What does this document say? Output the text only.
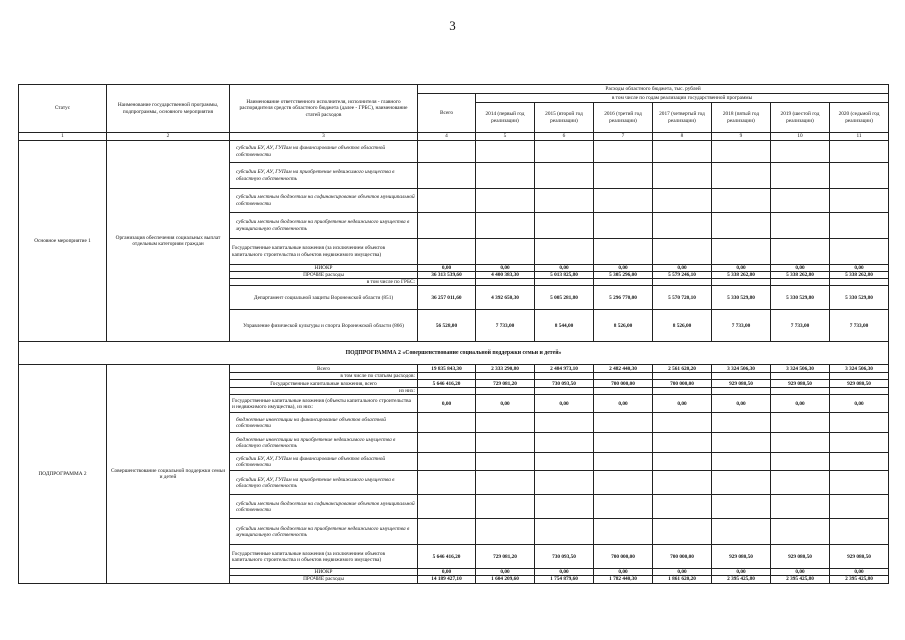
3
Статус	Наименование государственной программы, подпрограммы, основного мероприятия	Наименование ответственного исполнителя, исполнителя - главного распорядителя средств областного бюджета (далее - ГРБС), наименование статей расходов	Расходы областного бюджета, тыс. рублей							
			Всего	в том числе по годам реализации государственной программы						
				2014 (первый год реализации)	2015 (второй год реализации)	2016 (третий год реализации)	2017 (четвертый год реализации)	2018 (пятый год реализации)	2019 (шестой год реализации)	2020 (седьмой год реализации)
1	2	3	4	5	6	7	8	9	10	11
Основное мероприятие 1	Организация обеспечения социальных выплат отдельным категориям граждан	субсидии БУ, АУ, ГУПам на финансирование объектов областной собственности								
		субсидии БУ, АУ, ГУПам на приобретение недвижимого имущества в областную собственность								
		субсидии местным бюджетам на софинансирование объектов муниципальной собственности								
		субсидии местным бюджетам на приобретение недвижимого имущества в муниципальную собственность								
		Государственные капитальные вложения (за исключением объектов капитального строительства и объектов недвижимого имущества)								
		НИОКР	0,00	0,00	0,00	0,00	0,00	0,00	0,00	0,00
		ПРОЧИЕ расходы	36 313 539,60	4 400 383,30	5 013 825,80	5 305 296,00	5 579 246,10	5 338 262,80	5 338 262,80	5 338 262,80
		в том числе по ГРБС:								
		Департамент социальной защиты Воронежской области (851)	36 257 011,60	4 392 650,30	5 005 281,80	5 296 770,00	5 570 720,10	5 330 529,80	5 330 529,80	5 330 529,80
		Управление физической культуры и спорта Воронежской области (866)	56 528,00	7 733,00	8 544,00	8 526,00	8 526,00	7 733,00	7 733,00	7 733,00
ПОДПРОГРАММА 2 «Совершенствование социальной поддержки семьи и детей»										
ПОДПРОГРАММА 2	Совершенствование социальной поддержки семьи и детей	Всего	19 835 843,30	2 333 290,80	2 484 973,10	2 482 440,30	2 561 620,20	3 324 506,30	3 324 506,30	3 324 506,30
		в том числе по статьям расходов:								
		Государственные капитальные вложения, всего	5 646 416,20	729 081,20	730 093,50	700 000,00	700 000,00	929 080,50	929 080,50	929 080,50
		из них:								
		Государственные капитальные вложения (объекты капитального строительства и недвижимого имущества), из них:	0,00	0,00	0,00	0,00	0,00	0,00	0,00	0,00
		бюджетные инвестиции на финансирование объектов областной собственности								
		бюджетные инвестиции на приобретение недвижимого имущества в областную собственность								
		субсидии БУ, АУ, ГУПам на финансирование объектов областной собственности								
		субсидии БУ, АУ, ГУПам на приобретение недвижимого имущества в областную собственность								
		субсидии местным бюджетам на софинансирование объектов муниципальной собственности								
		субсидии местным бюджетам на приобретение недвижимого имущества в муниципальную собственность								
		Государственные капитальные вложения (за исключением объектов капитального строительства и объектов недвижимого имущества)	5 646 416,20	729 081,20	730 093,50	700 000,00	700 000,00	929 080,50	929 080,50	929 080,50
		НИОКР	0,00	0,00	0,00	0,00	0,00	0,00	0,00	0,00
		ПРОЧИЕ расходы	14 189 427,10	1 604 209,60	1 754 879,60	1 782 440,30	1 861 620,20	2 395 425,80	2 395 425,80	2 395 425,80
